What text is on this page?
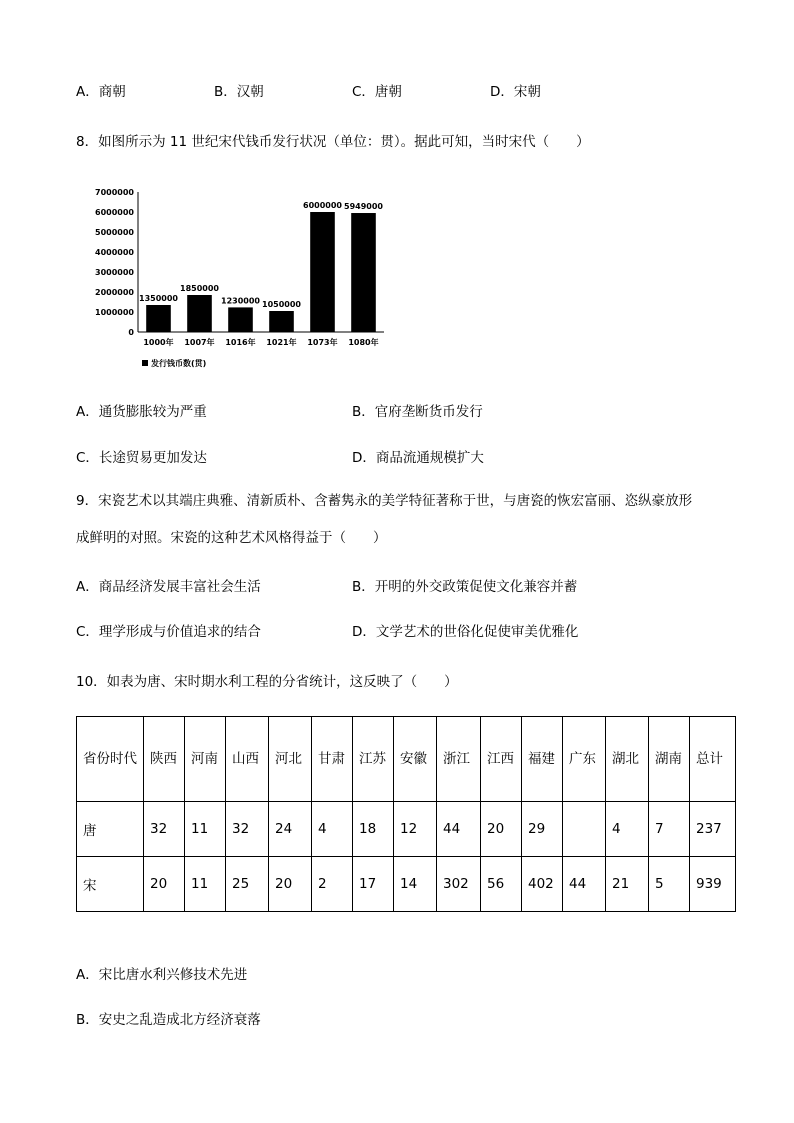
A．商朝	B．汉朝	C．唐朝	D．宋朝
8．如图所示为 11 世纪宋代钱币发行状况（单位：贯）。据此可知，当时宋代（　　）
0
1000000
2000000
3000000
4000000
5000000
6000000
7000000
1350000
1000年
1850000
1007年
1230000
1016年
1050000
1021年
6000000
1073年
5949000
1080年
发行钱币数(贯)
A．通货膨胀较为严重	B．官府垄断货币发行
C．长途贸易更加发达	D．商品流通规模扩大
9．宋瓷艺术以其端庄典雅、清新质朴、含蓄隽永的美学特征著称于世，与唐瓷的恢宏富丽、恣纵豪放形
成鲜明的对照。宋瓷的这种艺术风格得益于（　　）
A．商品经济发展丰富社会生活	B．开明的外交政策促使文化兼容并蓄
C．理学形成与价值追求的结合	D．文学艺术的世俗化促使审美优雅化
10．如表为唐、宋时期水利工程的分省统计，这反映了（　　）
省份时代	陕西	河南	山西	河北	甘肃	江苏	安徽	浙江	江西	福建	广东	湖北	湖南	总计
唐	32	11	32	24	4	18	12	44	20	29		4	7	237
宋	20	11	25	20	2	17	14	302	56	402	44	21	5	939
A．宋比唐水利兴修技术先进
B．安史之乱造成北方经济衰落
